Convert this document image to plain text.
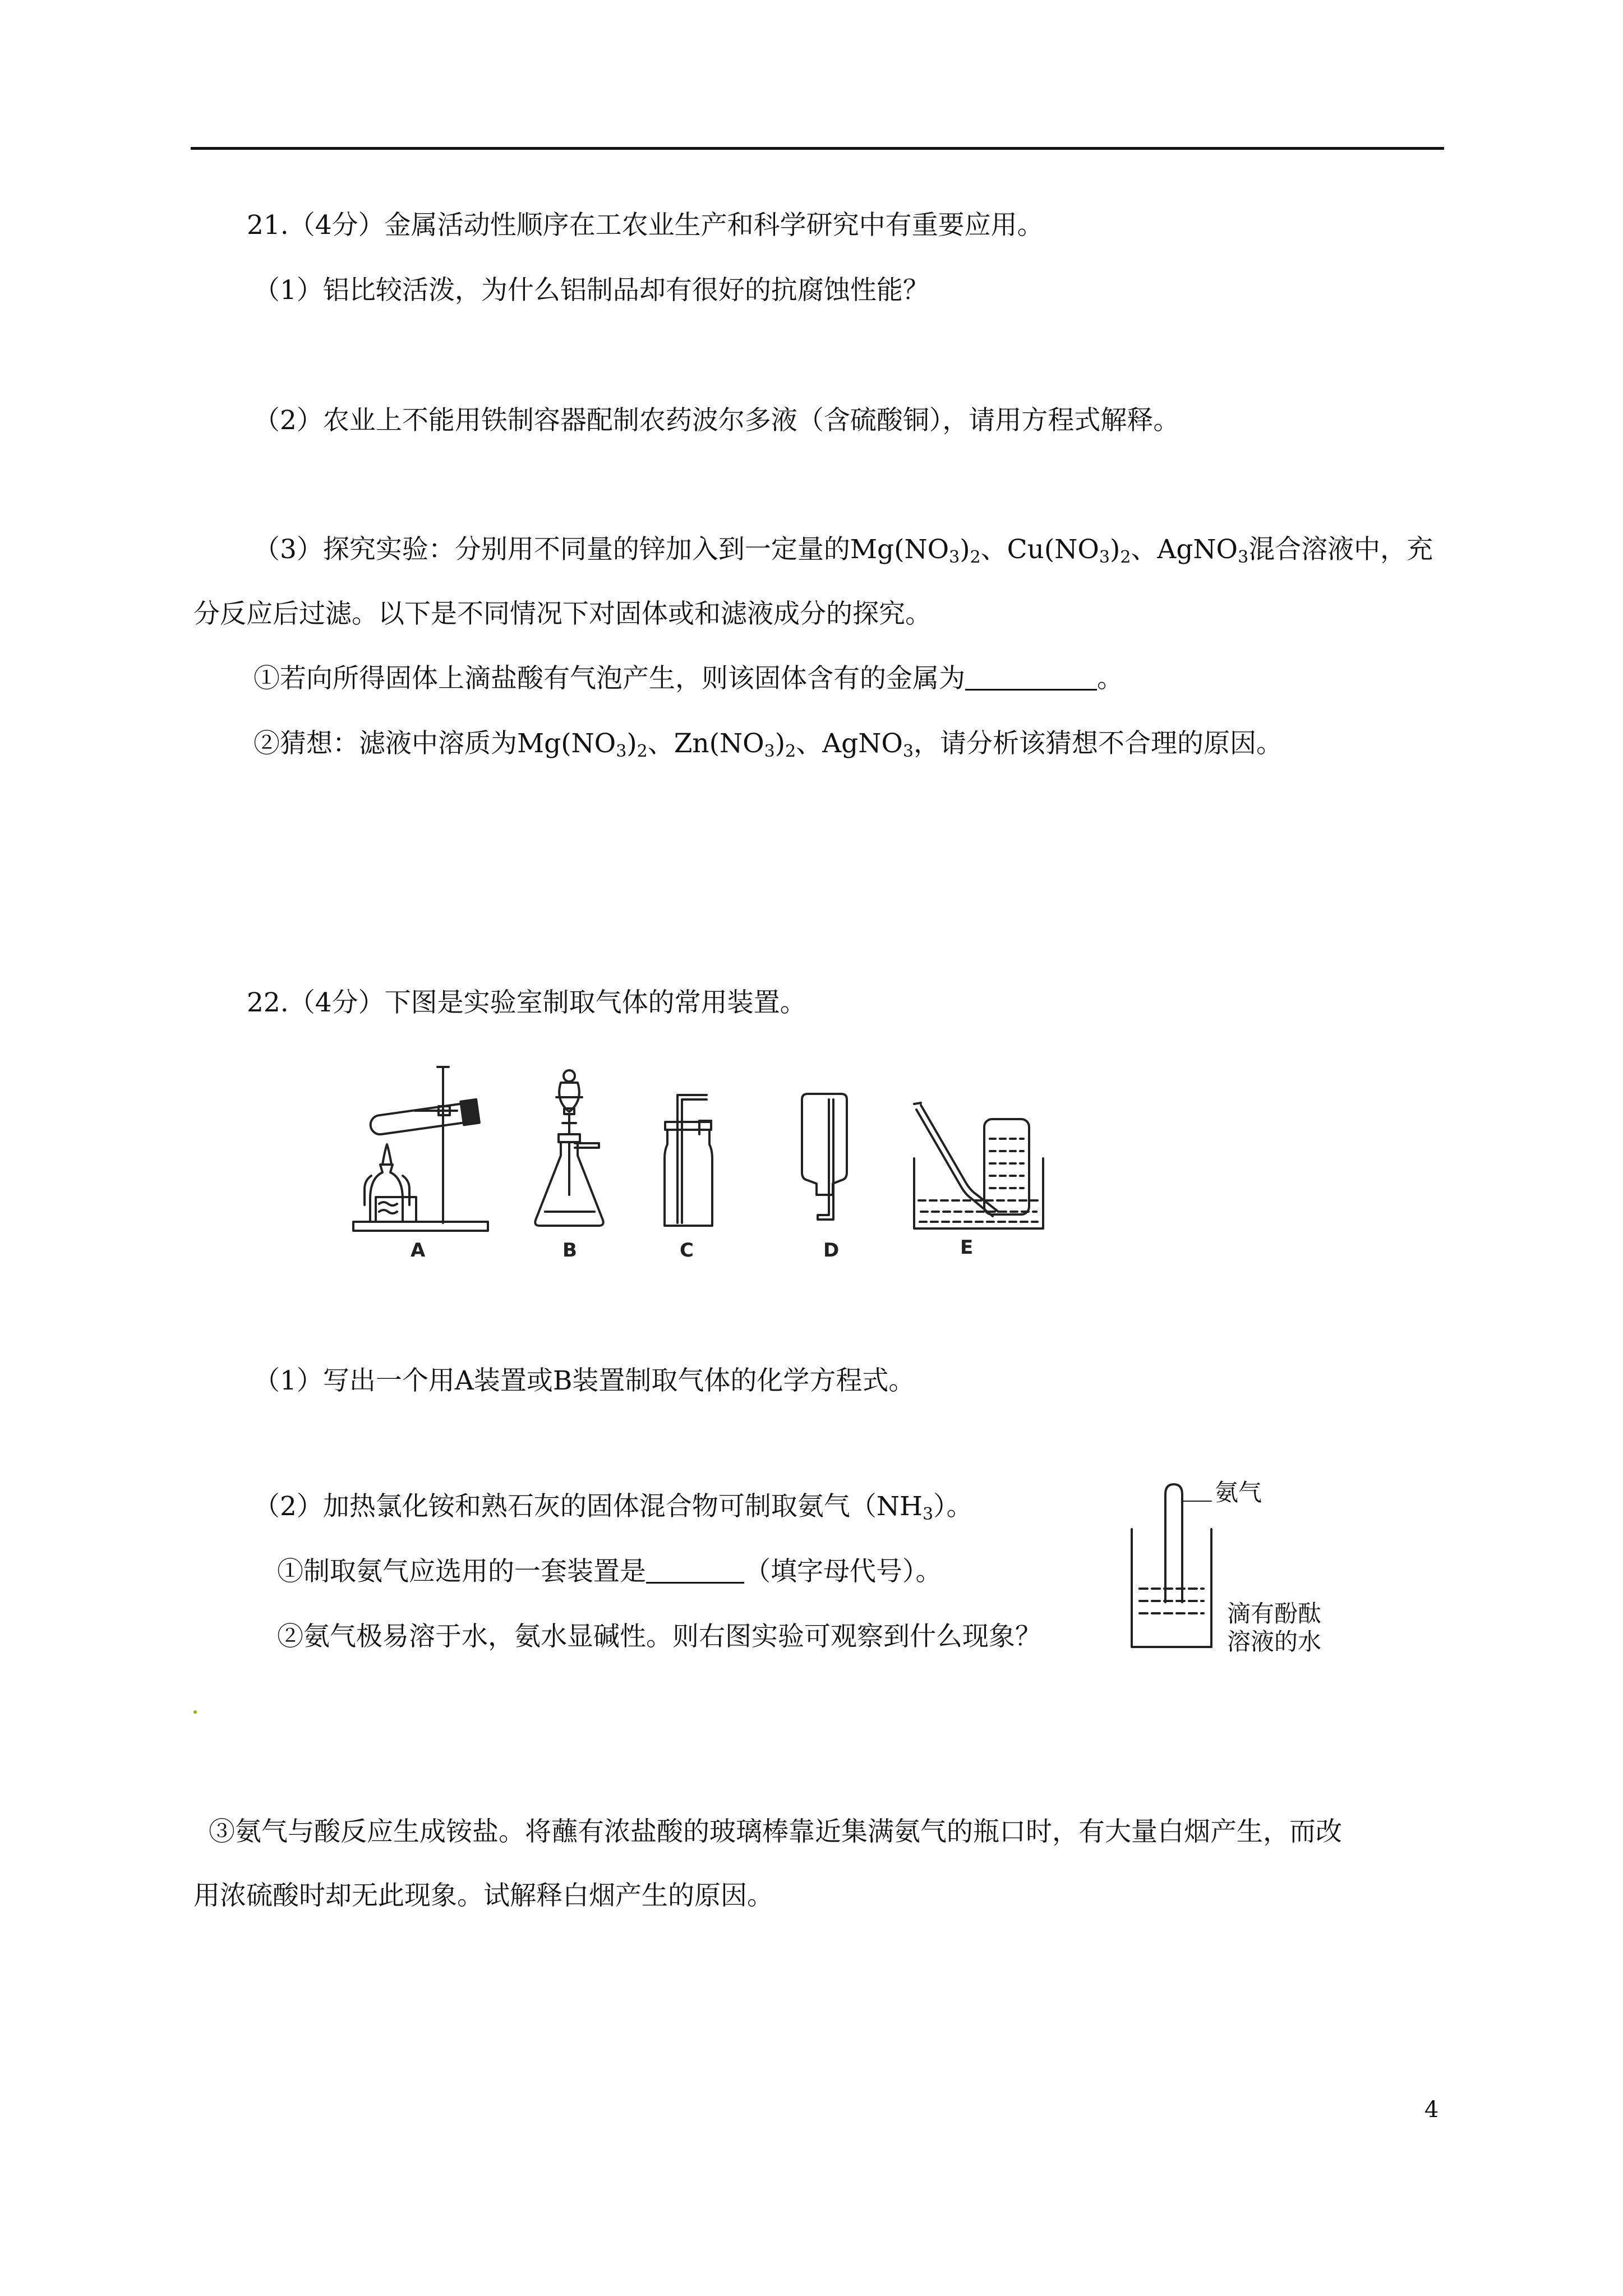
21.（4分）金属活动性顺序在工农业生产和科学研究中有重要应用。
（1）铝比较活泼，为什么铝制品却有很好的抗腐蚀性能？
（2）农业上不能用铁制容器配制农药波尔多液（含硫酸铜），请用方程式解释。
（3）探究实验：分别用不同量的锌加入到一定量的$Mg(NO_3)_2$、$Cu(NO_3)_2$、AgNO$_3$混合溶液中，充
分反应后过滤。以下是不同情况下对固体或和滤液成分的探究。
①若向所得固体上滴盐酸有气泡产生，则该固体含有的金属为	。
②猜想：滤液中溶质为$Mg(NO_3)_2$、$Zn(NO_3)_2$、AgNO$_3$，请分析该猜想不合理的原因。
22.（4分）下图是实验室制取气体的常用装置。
A	B	C	D	E
（1）写出一个用A装置或B装置制取气体的化学方程式。
（2）加热氯化铵和熟石灰的固体混合物可制取氨气$(NH_3)$。
①制取氨气应选用的一套装置是	（填字母代号）。
②氨气极易溶于水，氨水显碱性。则右图实验可观察到什么现象？
氨气
滴有酚酞
溶液的水
③氨气与酸反应生成铵盐。将蘸有浓盐酸的玻璃棒靠近集满氨气的瓶口时，有大量白烟产生，而改
用浓硫酸时却无此现象。试解释白烟产生的原因。
4
